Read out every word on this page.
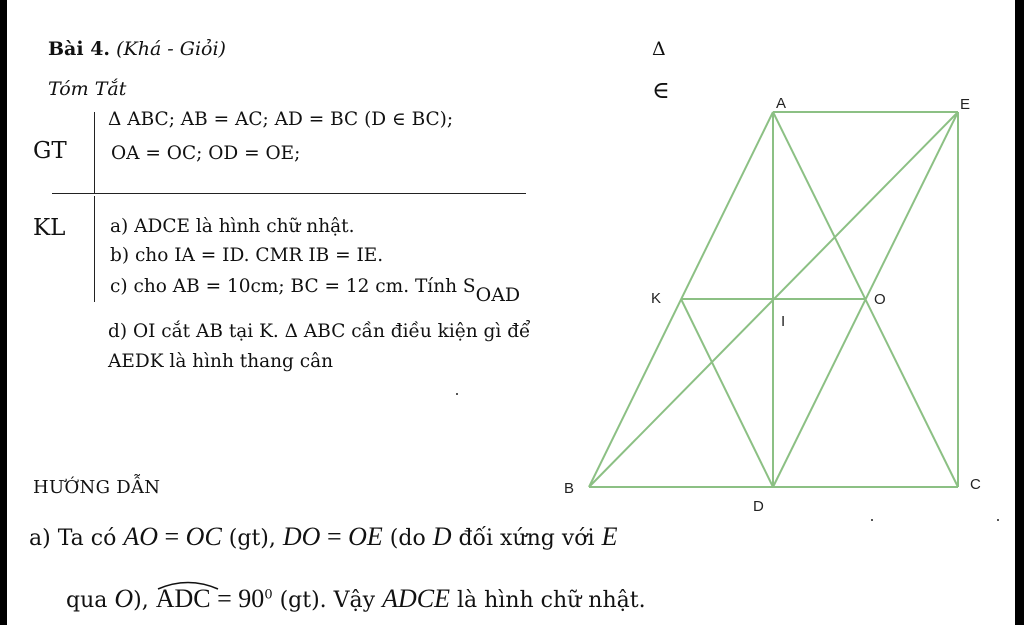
Bài 4. (Khá - Giỏi)
Tóm Tắt
Δ
∈
GT
KL
Δ ABC; AB = AC; AD = BC (D ∈ BC);
OA = OC; OD = OE;
a) ADCE là hình chữ nhật.
b) cho IA = ID. CMR IB = IE.
c) cho AB = 10cm; BC = 12 cm. Tính SOAD
d) OI cắt AB tại K. Δ ABC cần điều kiện gì để
AEDK là hình thang cân
HƯỚNG DẪN
a) Ta có AO = OC (gt), DO = OE (do D đối xứng với E
qua O),
ADC = $90^0$ (gt). Vậy ADCE là hình chữ nhật.
A	E
K	O
I
B
D
C
